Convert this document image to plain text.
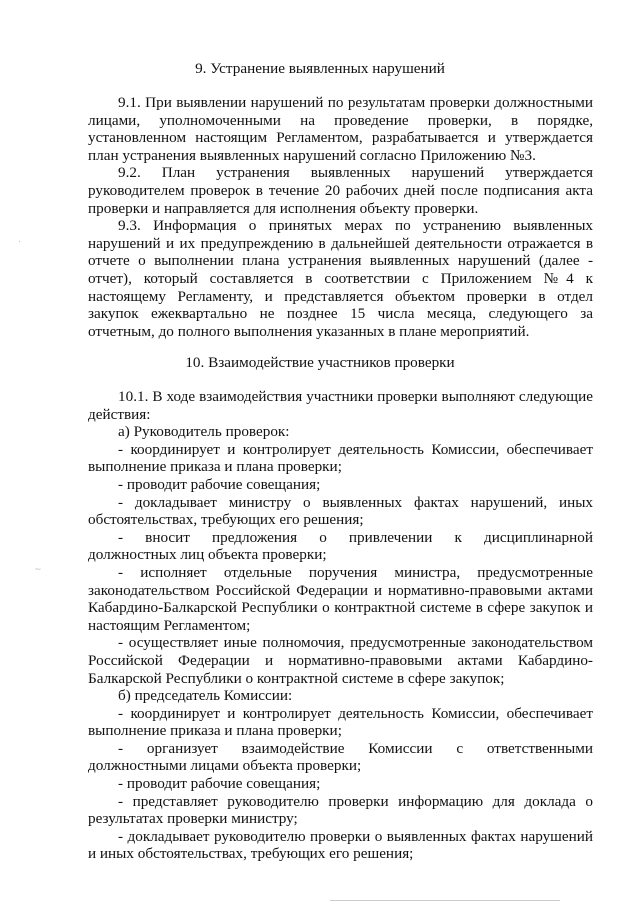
9. Устранение выявленных нарушений
9.1. При выявлении нарушений по результатам проверки должностными
лицами, уполномоченными на проведение проверки, в порядке,
установленном настоящим Регламентом, разрабатывается и утверждается
план устранения выявленных нарушений согласно Приложению №3.
9.2. План устранения выявленных нарушений утверждается
руководителем проверок в течение 20 рабочих дней после подписания акта
проверки и направляется для исполнения объекту проверки.
9.3. Информация о принятых мерах по устранению выявленных
нарушений и их предупреждению в дальнейшей деятельности отражается в
отчете о выполнении плана устранения выявленных нарушений (далее -
отчет), который составляется в соответствии с Приложением №4 к
настоящему Регламенту, и представляется объектом проверки в отдел
закупок ежеквартально не позднее 15 числа месяца, следующего за
отчетным, до полного выполнения указанных в плане мероприятий.
10. Взаимодействие участников проверки
10.1. В ходе взаимодействия участники проверки выполняют следующие
действия:
а) Руководитель проверок:
- координирует и контролирует деятельность Комиссии, обеспечивает
выполнение приказа и плана проверки;
- проводит рабочие совещания;
- докладывает министру о выявленных фактах нарушений, иных
обстоятельствах, требующих его решения;
- вносит предложения о привлечении к дисциплинарной
должностных лиц объекта проверки;
- исполняет отдельные поручения министра, предусмотренные
законодательством Российской Федерации и нормативно-правовыми актами
Кабардино-Балкарской Республики о контрактной системе в сфере закупок и
настоящим Регламентом;
- осуществляет иные полномочия, предусмотренные законодательством
Российской Федерации и нормативно-правовыми актами Кабардино-
Балкарской Республики о контрактной системе в сфере закупок;
б) председатель Комиссии:
- координирует и контролирует деятельность Комиссии, обеспечивает
выполнение приказа и плана проверки;
- организует взаимодействие Комиссии с ответственными
должностными лицами объекта проверки;
- проводит рабочие совещания;
- представляет руководителю проверки информацию для доклада о
результатах проверки министру;
- докладывает руководителю проверки о выявленных фактах нарушений
и иных обстоятельствах, требующих его решения;
.
~
